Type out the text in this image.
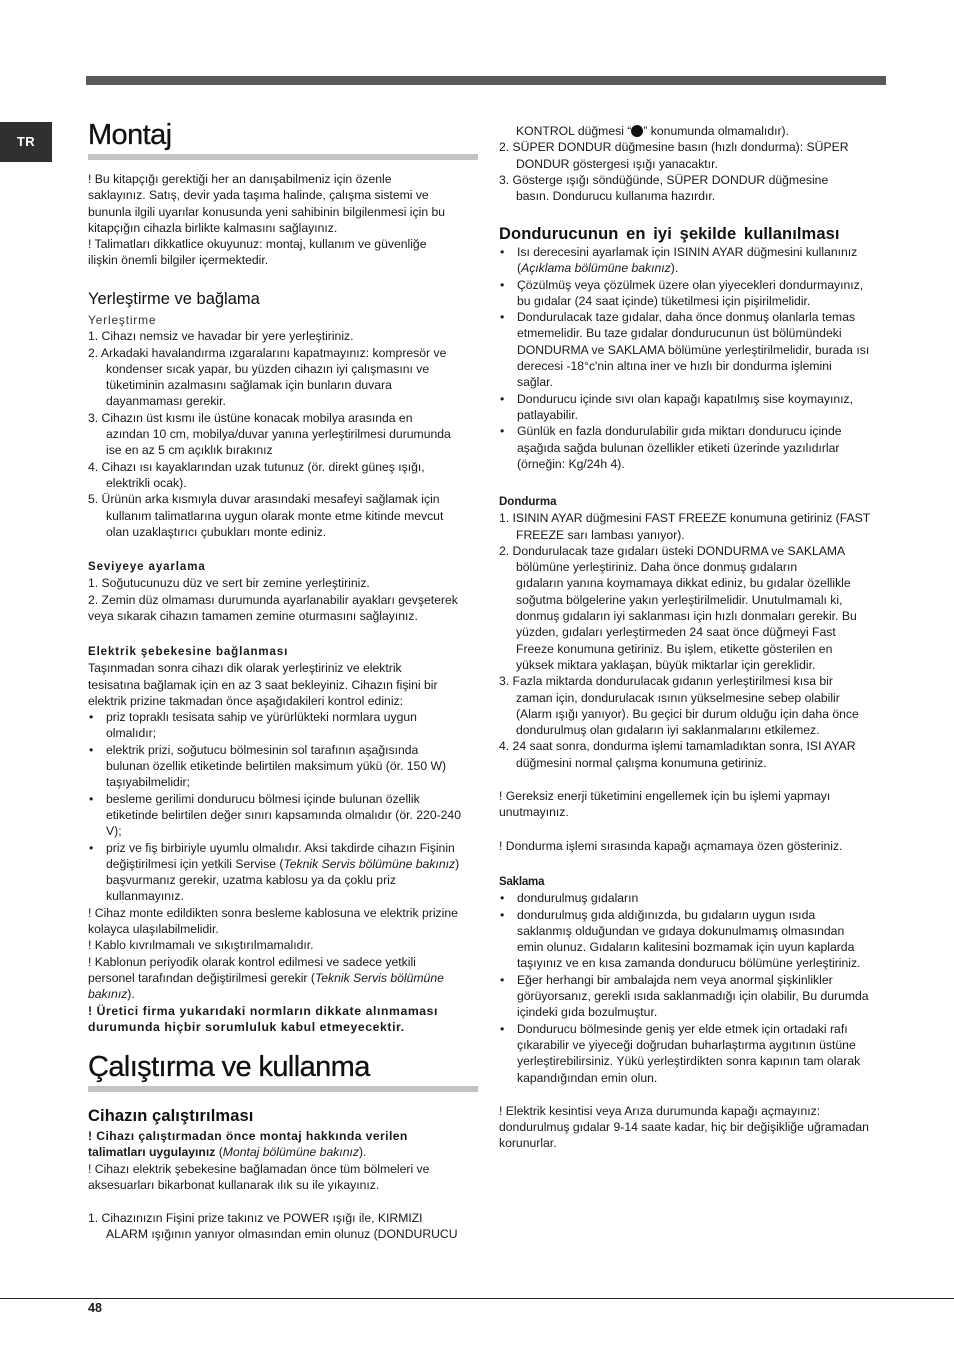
TR	Montaj

! Bu kitapçığı gerektiği her an danışabilmeniz için özenle

saklayınız. Satış, devir yada taşıma halinde, çalışma sistemi ve

bununla ilgili uyarılar konusunda yeni sahibinin bilgilenmesi için bu

kitapçığın cihazla birlikte kalmasını sağlayınız.

! Talimatları dikkatlice okuyunuz: montaj, kullanım ve güvenliğe

ilişkin önemli bilgiler içermektedir.

Yerleştirme ve bağlama

Yerleştirme

1. Cihazı nemsiz ve havadar bir yere yerleştiriniz.

2. Arkadaki havalandırma ızgaralarını kapatmayınız: kompresör ve

kondenser sıcak yapar, bu yüzden cihazın iyi çalışmasını ve

tüketiminin azalmasını sağlamak için bunların duvara

dayanmaması gerekir.

3. Cihazın üst kısmı ile üstüne konacak mobilya arasında en

azından 10 cm, mobilya/duvar yanına yerleştirilmesi durumunda

ise en az 5 cm açıklık bırakınız

4. Cihazı ısı kayaklarından uzak tutunuz (ör. direkt güneş ışığı,

elektrikli ocak).

5. Ürünün arka kısmıyla duvar arasındaki mesafeyi sağlamak için

kullanım talimatlarına uygun olarak monte etme kitinde mevcut

olan uzaklaştırıcı çubukları monte ediniz.

Seviyeye ayarlama

1. Soğutucunuzu düz ve sert bir zemine yerleştiriniz.

2. Zemin düz olmaması durumunda ayarlanabilir ayakları gevşeterek

veya sıkarak cihazın tamamen zemine oturmasını sağlayınız.

Elektrik şebekesine bağlanması

Taşınmadan sonra cihazı dik olarak yerleştiriniz ve elektrik

tesisatına bağlamak için en az 3 saat bekleyiniz. Cihazın fişini bir

elektrik prizine takmadan önce aşağıdakileri kontrol ediniz:

• priz topraklı tesisata sahip ve yürürlükteki normlara uygun

olmalıdır;

• elektrik prizi, soğutucu bölmesinin sol tarafının aşağısında

bulunan özellik etiketinde belirtilen maksimum yükü (ör. 150 W)

taşıyabilmelidir;

• besleme gerilimi dondurucu bölmesi içinde bulunan özellik

etiketinde belirtilen değer sınırı kapsamında olmalıdır (ör. 220-240

V);

• priz ve fiş birbiriyle uyumlu olmalıdır. Aksi takdirde cihazın Fişinin

değiştirilmesi için yetkili Servise (Teknik Servis bölümüne bakınız)

başvurmanız gerekir, uzatma kablosu ya da çoklu priz

kullanmayınız.

! Cihaz monte edildikten sonra besleme kablosuna ve elektrik prizine

kolayca ulaşılabilmelidir.

! Kablo kıvrılmamalı ve sıkıştırılmamalıdır.

! Kablonun periyodik olarak kontrol edilmesi ve sadece yetkili

personel tarafından değiştirilmesi gerekir (Teknik Servis bölümüne

bakınız).

! Üretici firma yukarıdaki normların dikkate alınmaması

durumunda hiçbir sorumluluk kabul etmeyecektir.

Çalıştırma ve kullanma

Cihazın çalıştırılması

! Cihazı çalıştırmadan önce montaj hakkında verilen

talimatları uygulayınız (Montaj bölümüne bakınız).

! Cihazı elektrik şebekesine bağlamadan önce tüm bölmeleri ve

aksesuarları bikarbonat kullanarak ılık su ile yıkayınız.

1. Cihazınızın Fişini prize takınız ve POWER ışığı ile, KIRMIZI

ALARM ışığının yanıyor olmasından emin olunuz (DONDURUCU

KONTROL düğmesi “ ” konumunda olmamalıdır).

2. SÜPER DONDUR düğmesine basın (hızlı dondurma): SÜPER

DONDUR göstergesi ışığı yanacaktır.

3. Gösterge ışığı söndüğünde, SÜPER DONDUR düğmesine

basın. Dondurucu kullanıma hazırdır.

Dondurucunun en iyi şekilde kullanılması

• Isı derecesini ayarlamak için ISININ AYAR düğmesini kullanınız

(Açıklama bölümüne bakınız).

• Çözülmüş veya çözülmek üzere olan yiyecekleri dondurmayınız,

bu gıdalar (24 saat içinde) tüketilmesi için pişirilmelidir.

• Dondurulacak taze gıdalar, daha önce donmuş olanlarla temas

etmemelidir. Bu taze gıdalar dondurucunun üst bölümündeki

DONDURMA ve SAKLAMA bölümüne yerleştirilmelidir, burada ısı

derecesi -18°c'nin altına iner ve hızlı bir dondurma işlemini

sağlar.

• Dondurucu içinde sıvı olan kapağı kapatılmış sise koymayınız,

patlayabilir.

• Günlük en fazla dondurulabilir gıda miktarı dondurucu içinde

aşağıda sağda bulunan özellikler etiketi üzerinde yazılıdırlar

(örneğin: Kg/24h 4).

Dondurma

1. ISININ AYAR düğmesini FAST FREEZE konumuna getiriniz (FAST

FREEZE sarı lambası yanıyor).

2. Dondurulacak taze gıdaları üsteki DONDURMA ve SAKLAMA

bölümüne yerleştiriniz. Daha önce donmuş gıdaların

gıdaların yanına koymamaya dikkat ediniz, bu gıdalar özellikle

soğutma bölgelerine yakın yerleştirilmelidir. Unutulmamalı ki,

donmuş gıdaların iyi saklanması için hızlı donmaları gerekir. Bu

yüzden, gıdaları yerleştirmeden 24 saat önce düğmeyi Fast

Freeze konumuna getiriniz. Bu işlem, etikette gösterilen en

yüksek miktara yaklaşan, büyük miktarlar için gereklidir.

3. Fazla miktarda dondurulacak gıdanın yerleştirilmesi kısa bir

zaman için, dondurulacak ısının yükselmesine sebep olabilir

(Alarm ışığı yanıyor). Bu geçici bir durum olduğu için daha önce

dondurulmuş olan gıdaların iyi saklanmalarını etkilemez.

4. 24 saat sonra, dondurma işlemi tamamladıktan sonra, ISI AYAR

düğmesini normal çalışma konumuna getiriniz.

! Gereksiz enerji tüketimini engellemek için bu işlemi yapmayı

unutmayınız.

! Dondurma işlemi sırasında kapağı açmamaya özen gösteriniz.

Saklama

• dondurulmuş gıdaların

• dondurulmuş gıda aldığınızda, bu gıdaların uygun ısıda

saklanmış olduğundan ve gıdaya dokunulmamış olmasından

emin olunuz. Gıdaların kalitesini bozmamak için uyun kaplarda

taşıyınız ve en kısa zamanda dondurucu bölümüne yerleştiriniz.

• Eğer herhangi bir ambalajda nem veya anormal şişkinlikler

görüyorsanız, gerekli ısıda saklanmadığı için olabilir, Bu durumda

içindeki gıda bozulmuştur.

• Dondurucu bölmesinde geniş yer elde etmek için ortadaki rafı

çıkarabilir ve yiyeceği doğrudan buharlaştırma aygıtının üstüne

yerleştirebilirsiniz. Yükü yerleştirdikten sonra kapının tam olarak

kapandığından emin olun.

! Elektrik kesintisi veya Arıza durumunda kapağı açmayınız:

dondurulmuş gıdalar 9-14 saate kadar, hiç bir değişikliğe uğramadan

korunurlar.

48
